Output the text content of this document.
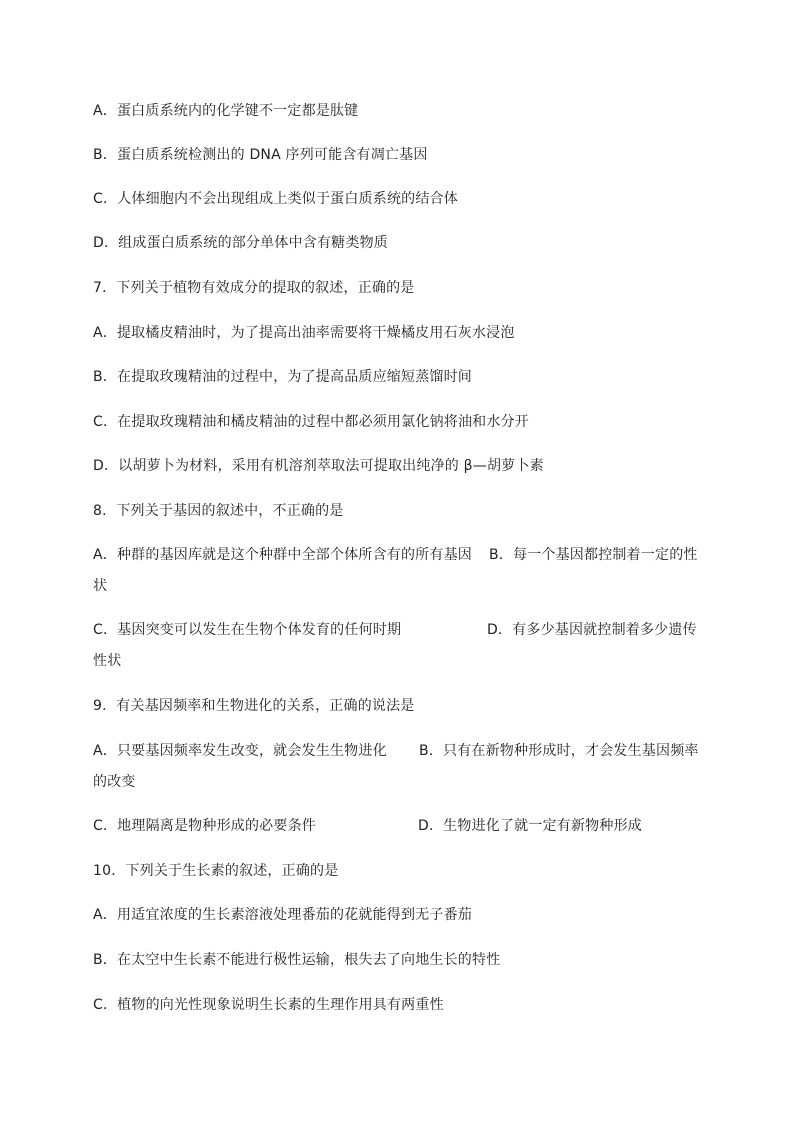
A．蛋白质系统内的化学键不一定都是肽键
B．蛋白质系统检测出的 DNA 序列可能含有凋亡基因
C．人体细胞内不会出现组成上类似于蛋白质系统的结合体
D．组成蛋白质系统的部分单体中含有糖类物质
7．下列关于植物有效成分的提取的叙述，正确的是
A．提取橘皮精油时，为了提高出油率需要将干燥橘皮用石灰水浸泡
B．在提取玫瑰精油的过程中，为了提高品质应缩短蒸馏时间
C．在提取玫瑰精油和橘皮精油的过程中都必须用氯化钠将油和水分开
D．以胡萝卜为材料，采用有机溶剂萃取法可提取出纯净的 β—胡萝卜素
8．下列关于基因的叙述中，不正确的是
A．种群的基因库就是这个种群中全部个体所含有的所有基因 B．每一个基因都控制着一定的性
状
C．基因突变可以发生在生物个体发育的任何时期	D．有多少基因就控制着多少遗传
性状
9．有关基因频率和生物进化的关系，正确的说法是
A．只要基因频率发生改变，就会发生生物进化 B．只有在新物种形成时，才会发生基因频率
的改变
C．地理隔离是物种形成的必要条件	D．生物进化了就一定有新物种形成
10．下列关于生长素的叙述，正确的是
A．用适宜浓度的生长素溶液处理番茄的花就能得到无子番茄
B．在太空中生长素不能进行极性运输，根失去了向地生长的特性
C．植物的向光性现象说明生长素的生理作用具有两重性
